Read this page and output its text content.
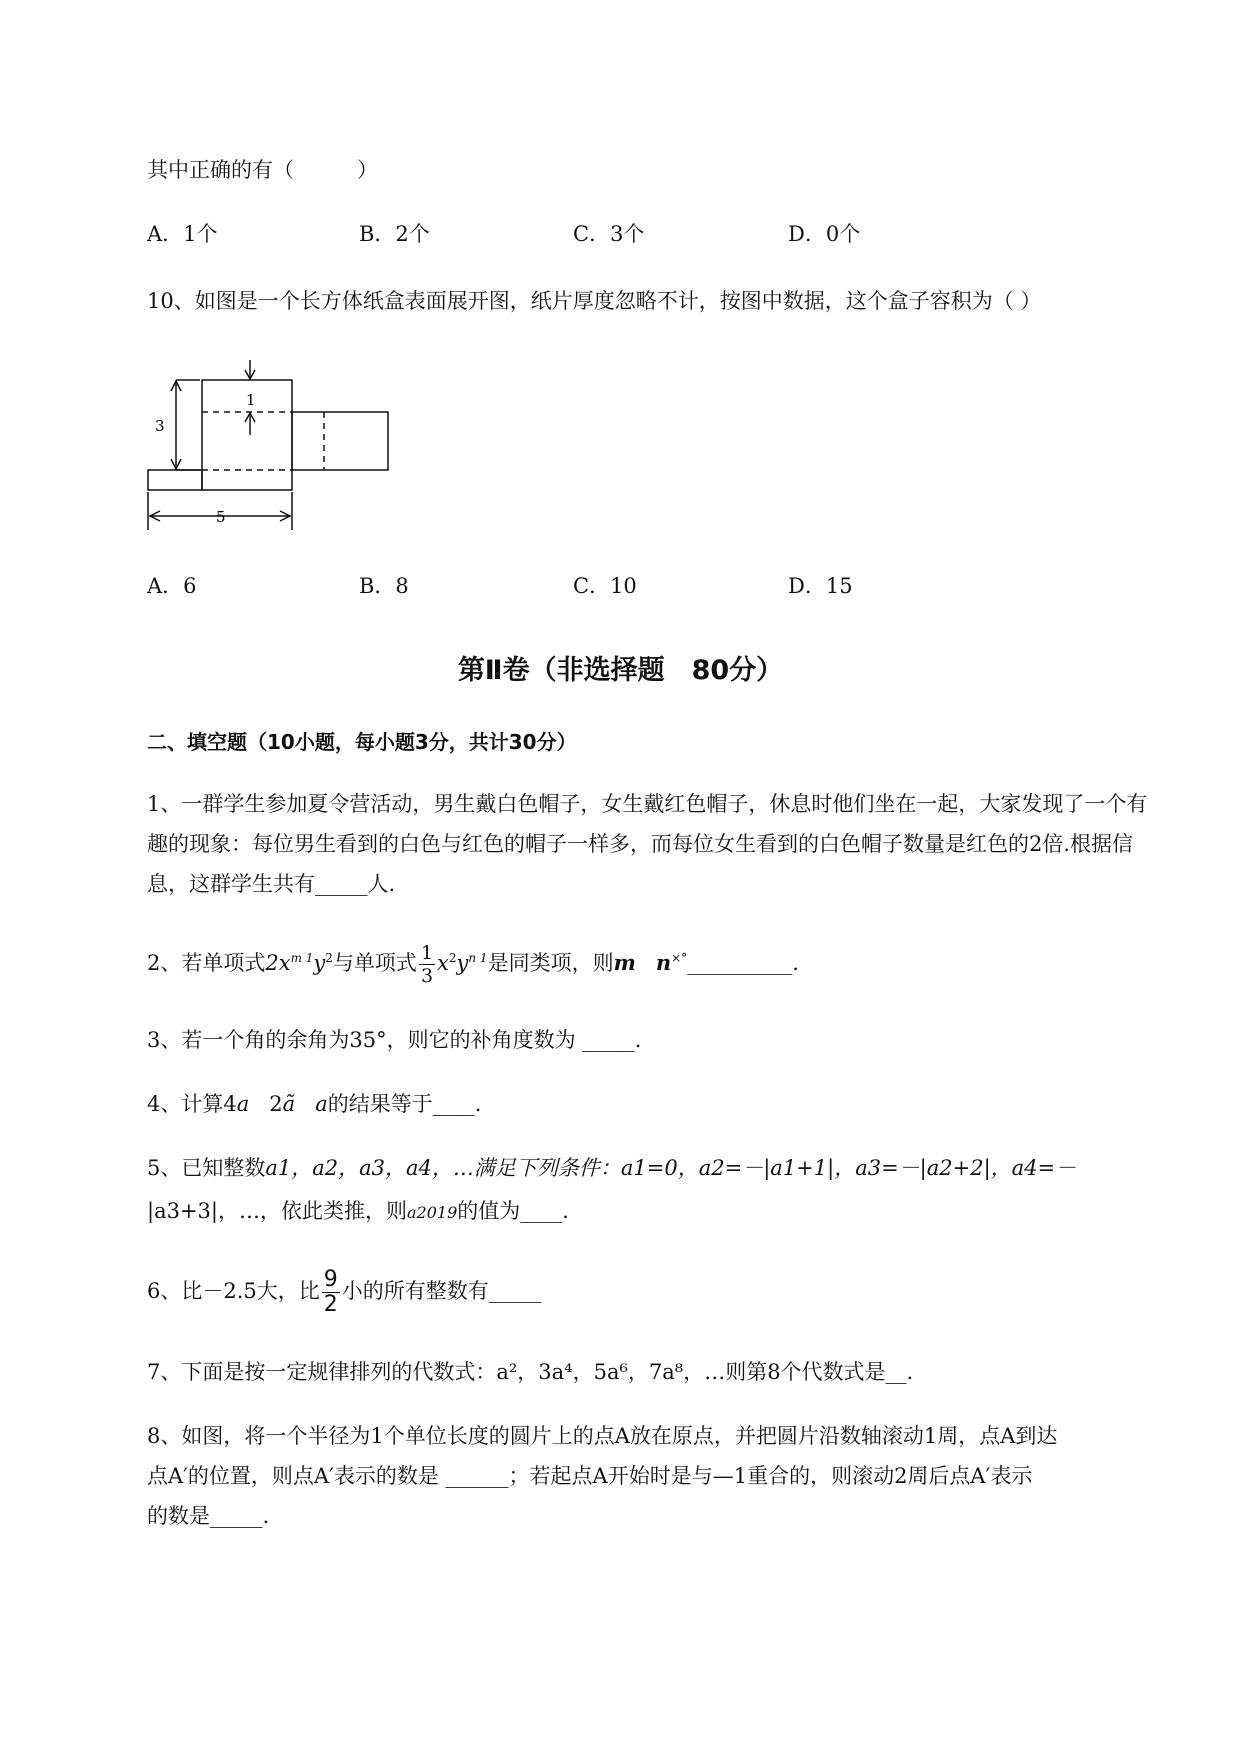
其中正确的有（　　　）
A．1个	B．2个	C．3个	D．0个
10、如图是一个长方体纸盒表面展开图，纸片厚度忽略不计，按图中数据，这个盒子容积为（ ）
1
3
5
A．6	B．8	C．10	D．15
第Ⅱ卷（非选择题　80分）
二、填空题（10小题，每小题3分，共计30分）
1、一群学生参加夏令营活动，男生戴白色帽子，女生戴红色帽子，休息时他们坐在一起，大家发现了一个有趣的现象：每位男生看到的白色与红色的帽子一样多，而每位女生看到的白色帽子数量是红色的2倍.根据信息，这群学生共有_____人.
2、若单项式$2x^{m 1}y^2$与单项式 $\frac{1}{3} x^2y^{n 1}$是同类项，则m n×°__________.
3、若一个角的余角为35°，则它的补角度数为 _____.
4、计算4a 2ã a的结果等于____.
5、已知整数a1，a2，a3，a4，…满足下列条件：a1=0，a2=－|a1+1|，a3=－|a2+2|，a4=－
|a3+3|，…，依此类推，则a2019的值为____.
6、比－2.5大，比 $\frac{9}{2}$ 小的所有整数有_____
7、下面是按一定规律排列的代数式：a²，3a⁴，5a⁶，7a⁸，…则第8个代数式是__.
8、如图，将一个半径为1个单位长度的圆片上的点A放在原点，并把圆片沿数轴滚动1周，点A到达
点A′的位置，则点A′表示的数是 ______；若起点A开始时是与—1重合的，则滚动2周后点A′表示
的数是_____.
